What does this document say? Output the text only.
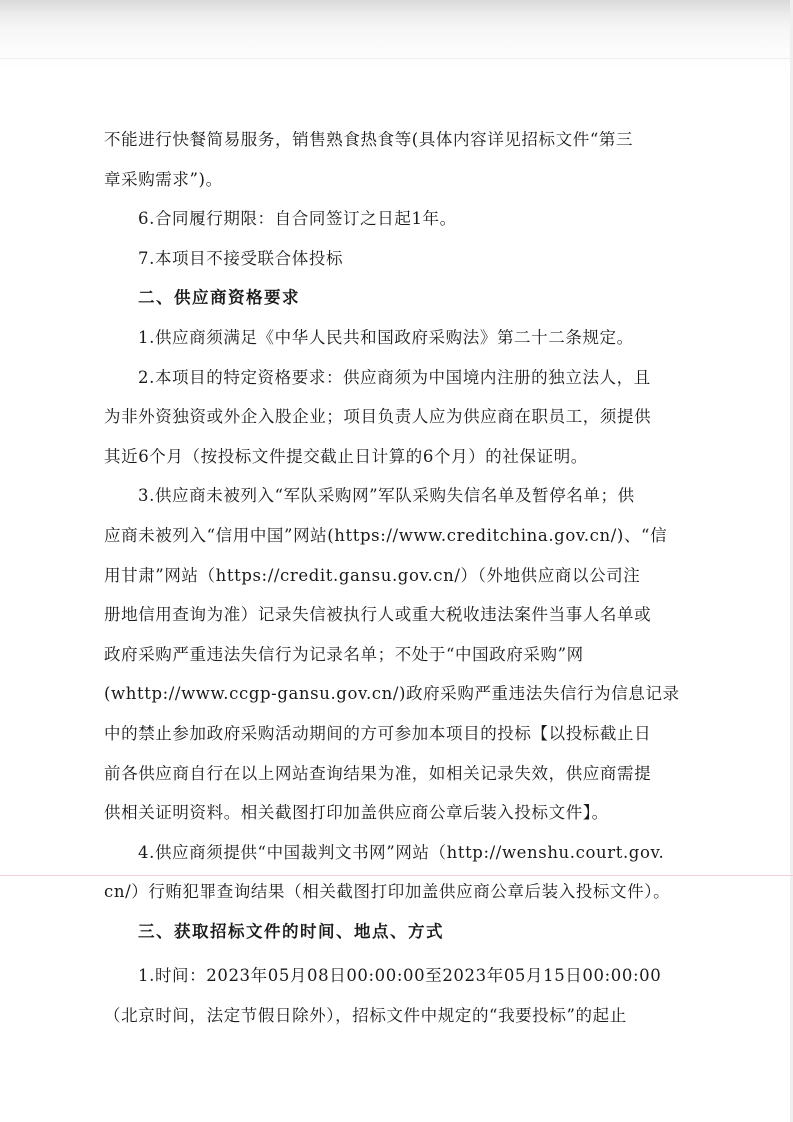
不能进行快餐简易服务，销售熟食热食等(具体内容详见招标文件“第三
章采购需求”)。
6.合同履行期限：自合同签订之日起1年。
7.本项目不接受联合体投标
二、供应商资格要求
1.供应商须满足《中华人民共和国政府采购法》第二十二条规定。
2.本项目的特定资格要求：供应商须为中国境内注册的独立法人，且
为非外资独资或外企入股企业；项目负责人应为供应商在职员工，须提供
其近6个月（按投标文件提交截止日计算的6个月）的社保证明。
3.供应商未被列入“军队采购网”军队采购失信名单及暂停名单；供
应商未被列入“信用中国”网站(https://www.creditchina.gov.cn/)、“信
用甘肃”网站（https://credit.gansu.gov.cn/）（外地供应商以公司注
册地信用查询为准）记录失信被执行人或重大税收违法案件当事人名单或
政府采购严重违法失信行为记录名单；不处于“中国政府采购”网
(whttp://www.ccgp-gansu.gov.cn/)政府采购严重违法失信行为信息记录
中的禁止参加政府采购活动期间的方可参加本项目的投标【以投标截止日
前各供应商自行在以上网站查询结果为准，如相关记录失效，供应商需提
供相关证明资料。相关截图打印加盖供应商公章后装入投标文件】。
4.供应商须提供“中国裁判文书网”网站（http://wenshu.court.gov.
cn/）行贿犯罪查询结果（相关截图打印加盖供应商公章后装入投标文件）。
三、获取招标文件的时间、地点、方式
1.时间：2023年05月08日00:00:00至2023年05月15日00:00:00
（北京时间，法定节假日除外），招标文件中规定的“我要投标”的起止
